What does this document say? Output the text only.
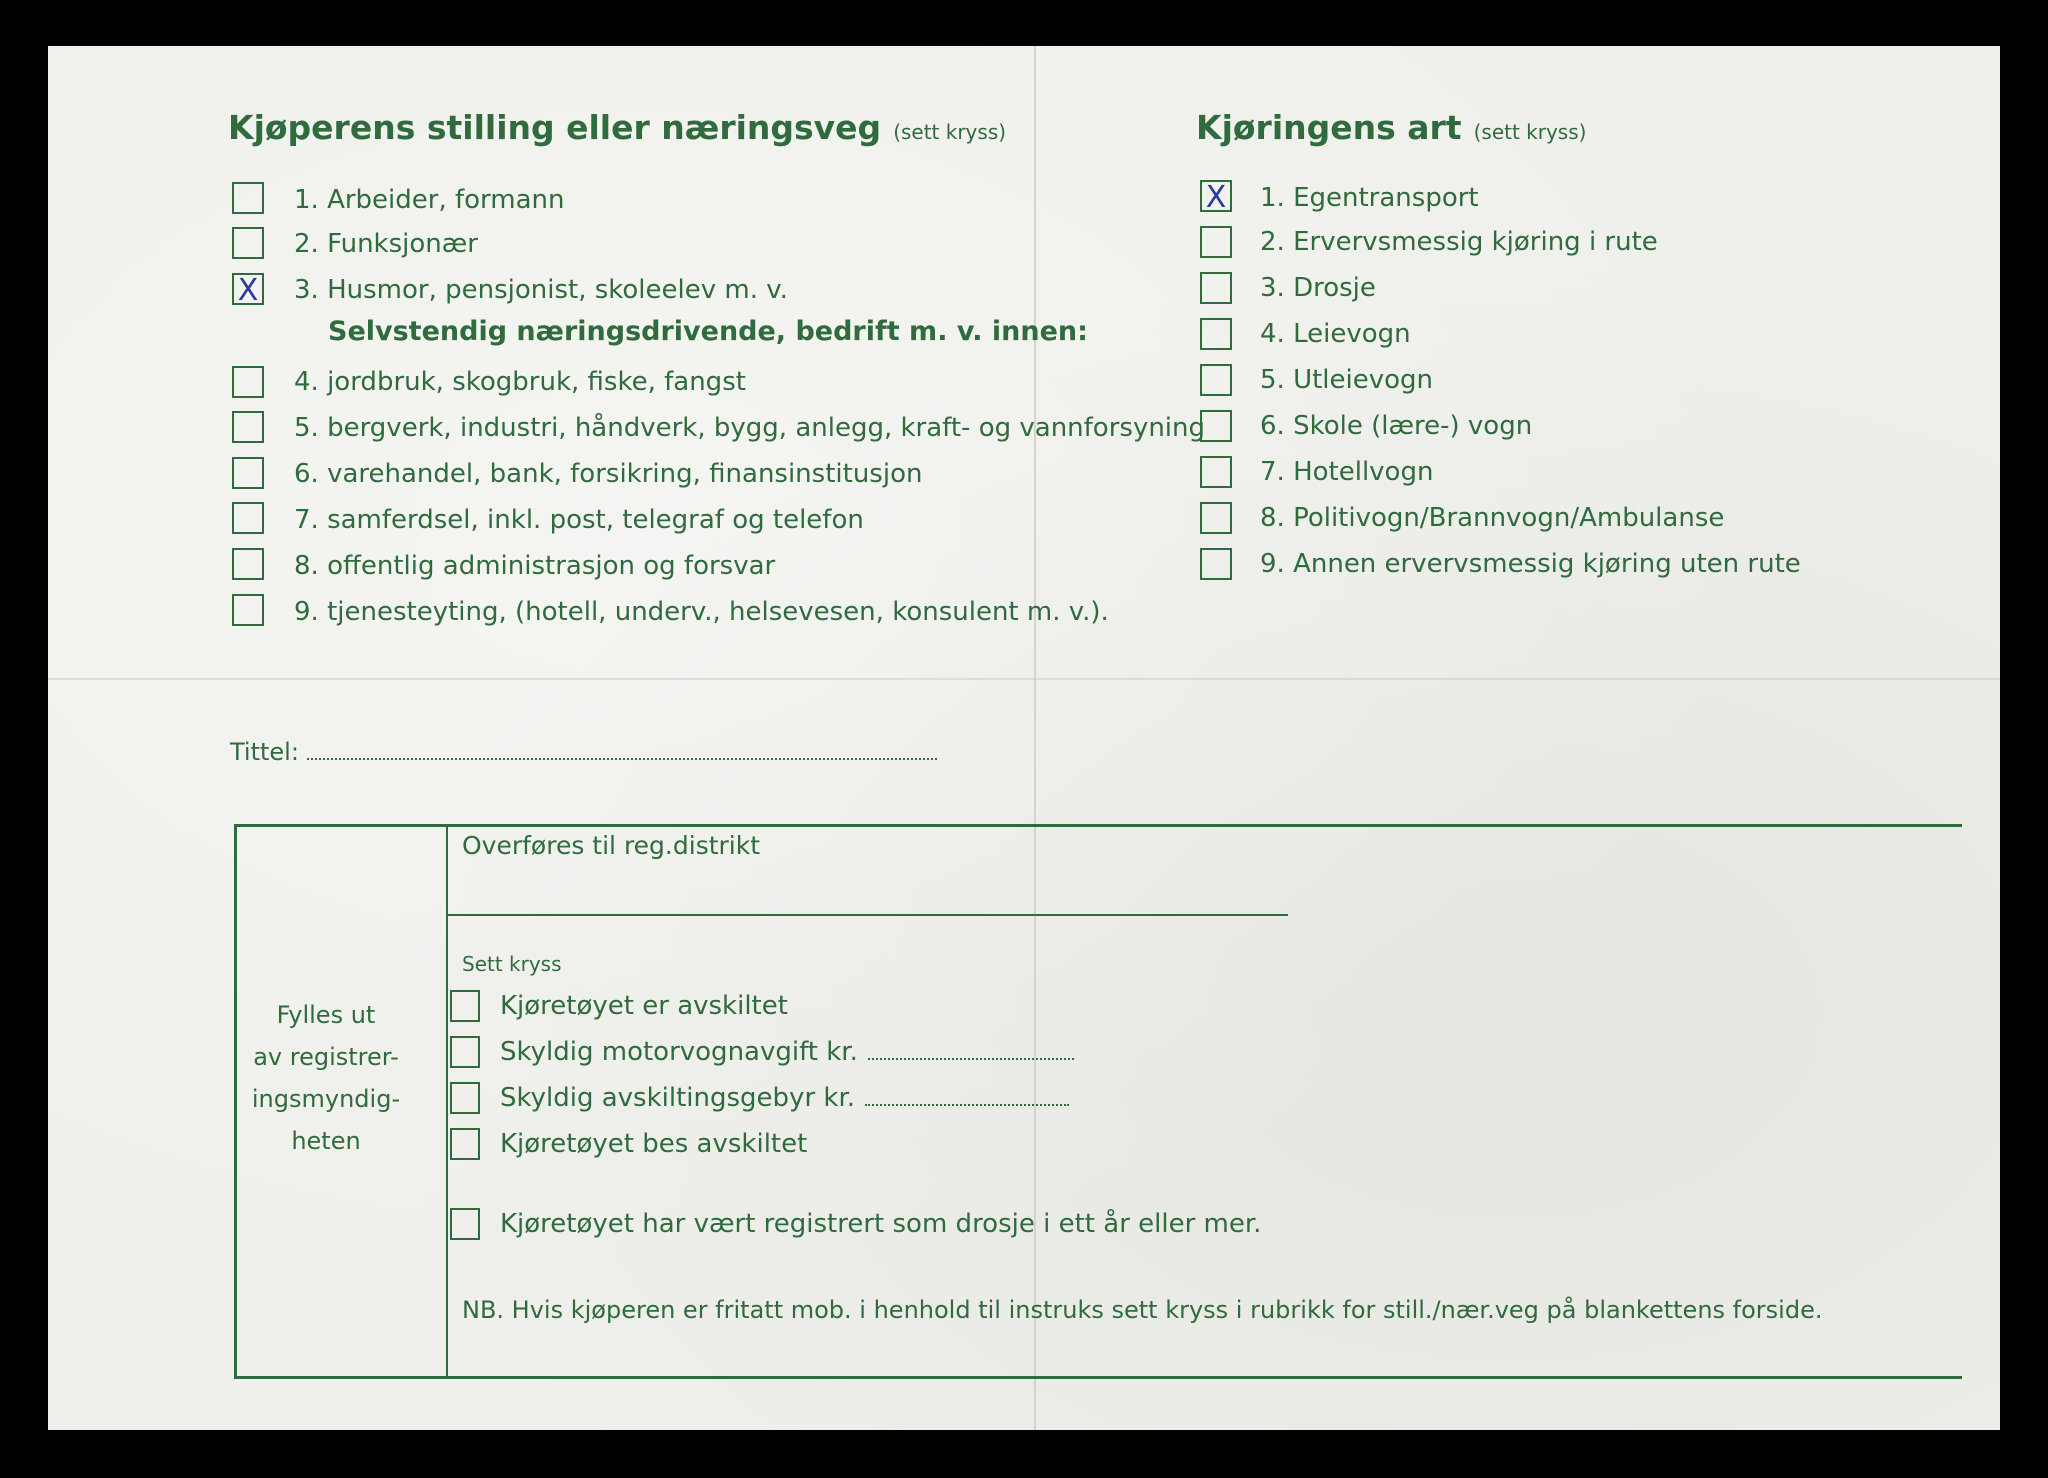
Kjøperens stilling eller næringsveg (sett kryss)	Kjøringens art (sett kryss)
1. Arbeider, formann
2. Funksjonær
X 3. Husmor, pensjonist, skoleelev m. v.
Selvstendig næringsdrivende, bedrift m. v. innen:
4. jordbruk, skogbruk, fiske, fangst
5. bergverk, industri, håndverk, bygg, anlegg, kraft- og vannforsyning
6. varehandel, bank, forsikring, finansinstitusjon
7. samferdsel, inkl. post, telegraf og telefon
8. offentlig administrasjon og forsvar
9. tjenesteyting, (hotell, underv., helsevesen, konsulent m. v.).
X 1. Egentransport
2. Ervervsmessig kjøring i rute
3. Drosje
4. Leievogn
5. Utleievogn
6. Skole (lære-) vogn
7. Hotellvogn
8. Politivogn/Brannvogn/Ambulanse
9. Annen ervervsmessig kjøring uten rute
Tittel:
Fylles ut
av registrer-
ingsmyndig-
heten
Overføres til reg.distrikt
Sett kryss
Kjøretøyet er avskiltet
Skyldig motorvognavgift kr.
Skyldig avskiltingsgebyr kr.
Kjøretøyet bes avskiltet
Kjøretøyet har vært registrert som drosje i ett år eller mer.
NB. Hvis kjøperen er fritatt mob. i henhold til instruks sett kryss i rubrikk for still./nær.veg på blankettens forside.
